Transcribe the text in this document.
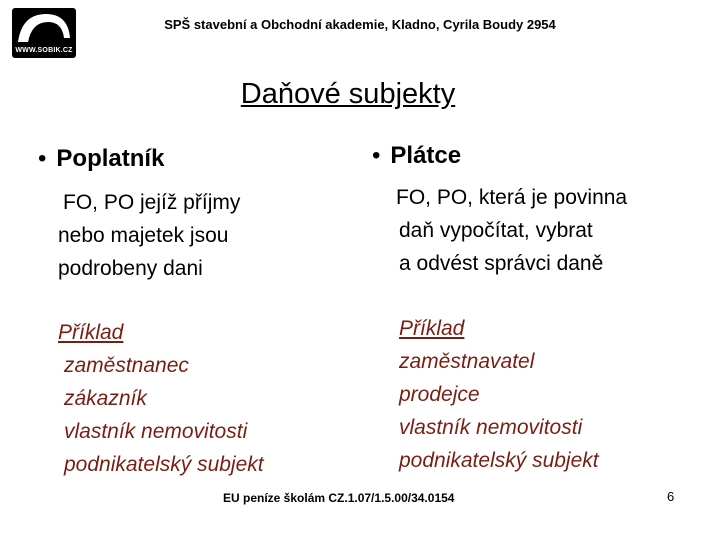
WWW.SOBIK.CZ
SPŠ stavební a Obchodní akademie, Kladno, Cyrila Boudy 2954
Daňové subjekty
• Poplatník
FO, PO jejíž příjmy
nebo majetek jsou
podrobeny dani
Příklad
zaměstnanec
zákazník
vlastník nemovitosti
podnikatelský subjekt
• Plátce
FO, PO, která je povinna
daň vypočítat, vybrat
a odvést správci daně
Příklad
zaměstnavatel
prodejce
vlastník nemovitosti
podnikatelský subjekt
EU peníze školám CZ.1.07/1.5.00/34.0154	6
